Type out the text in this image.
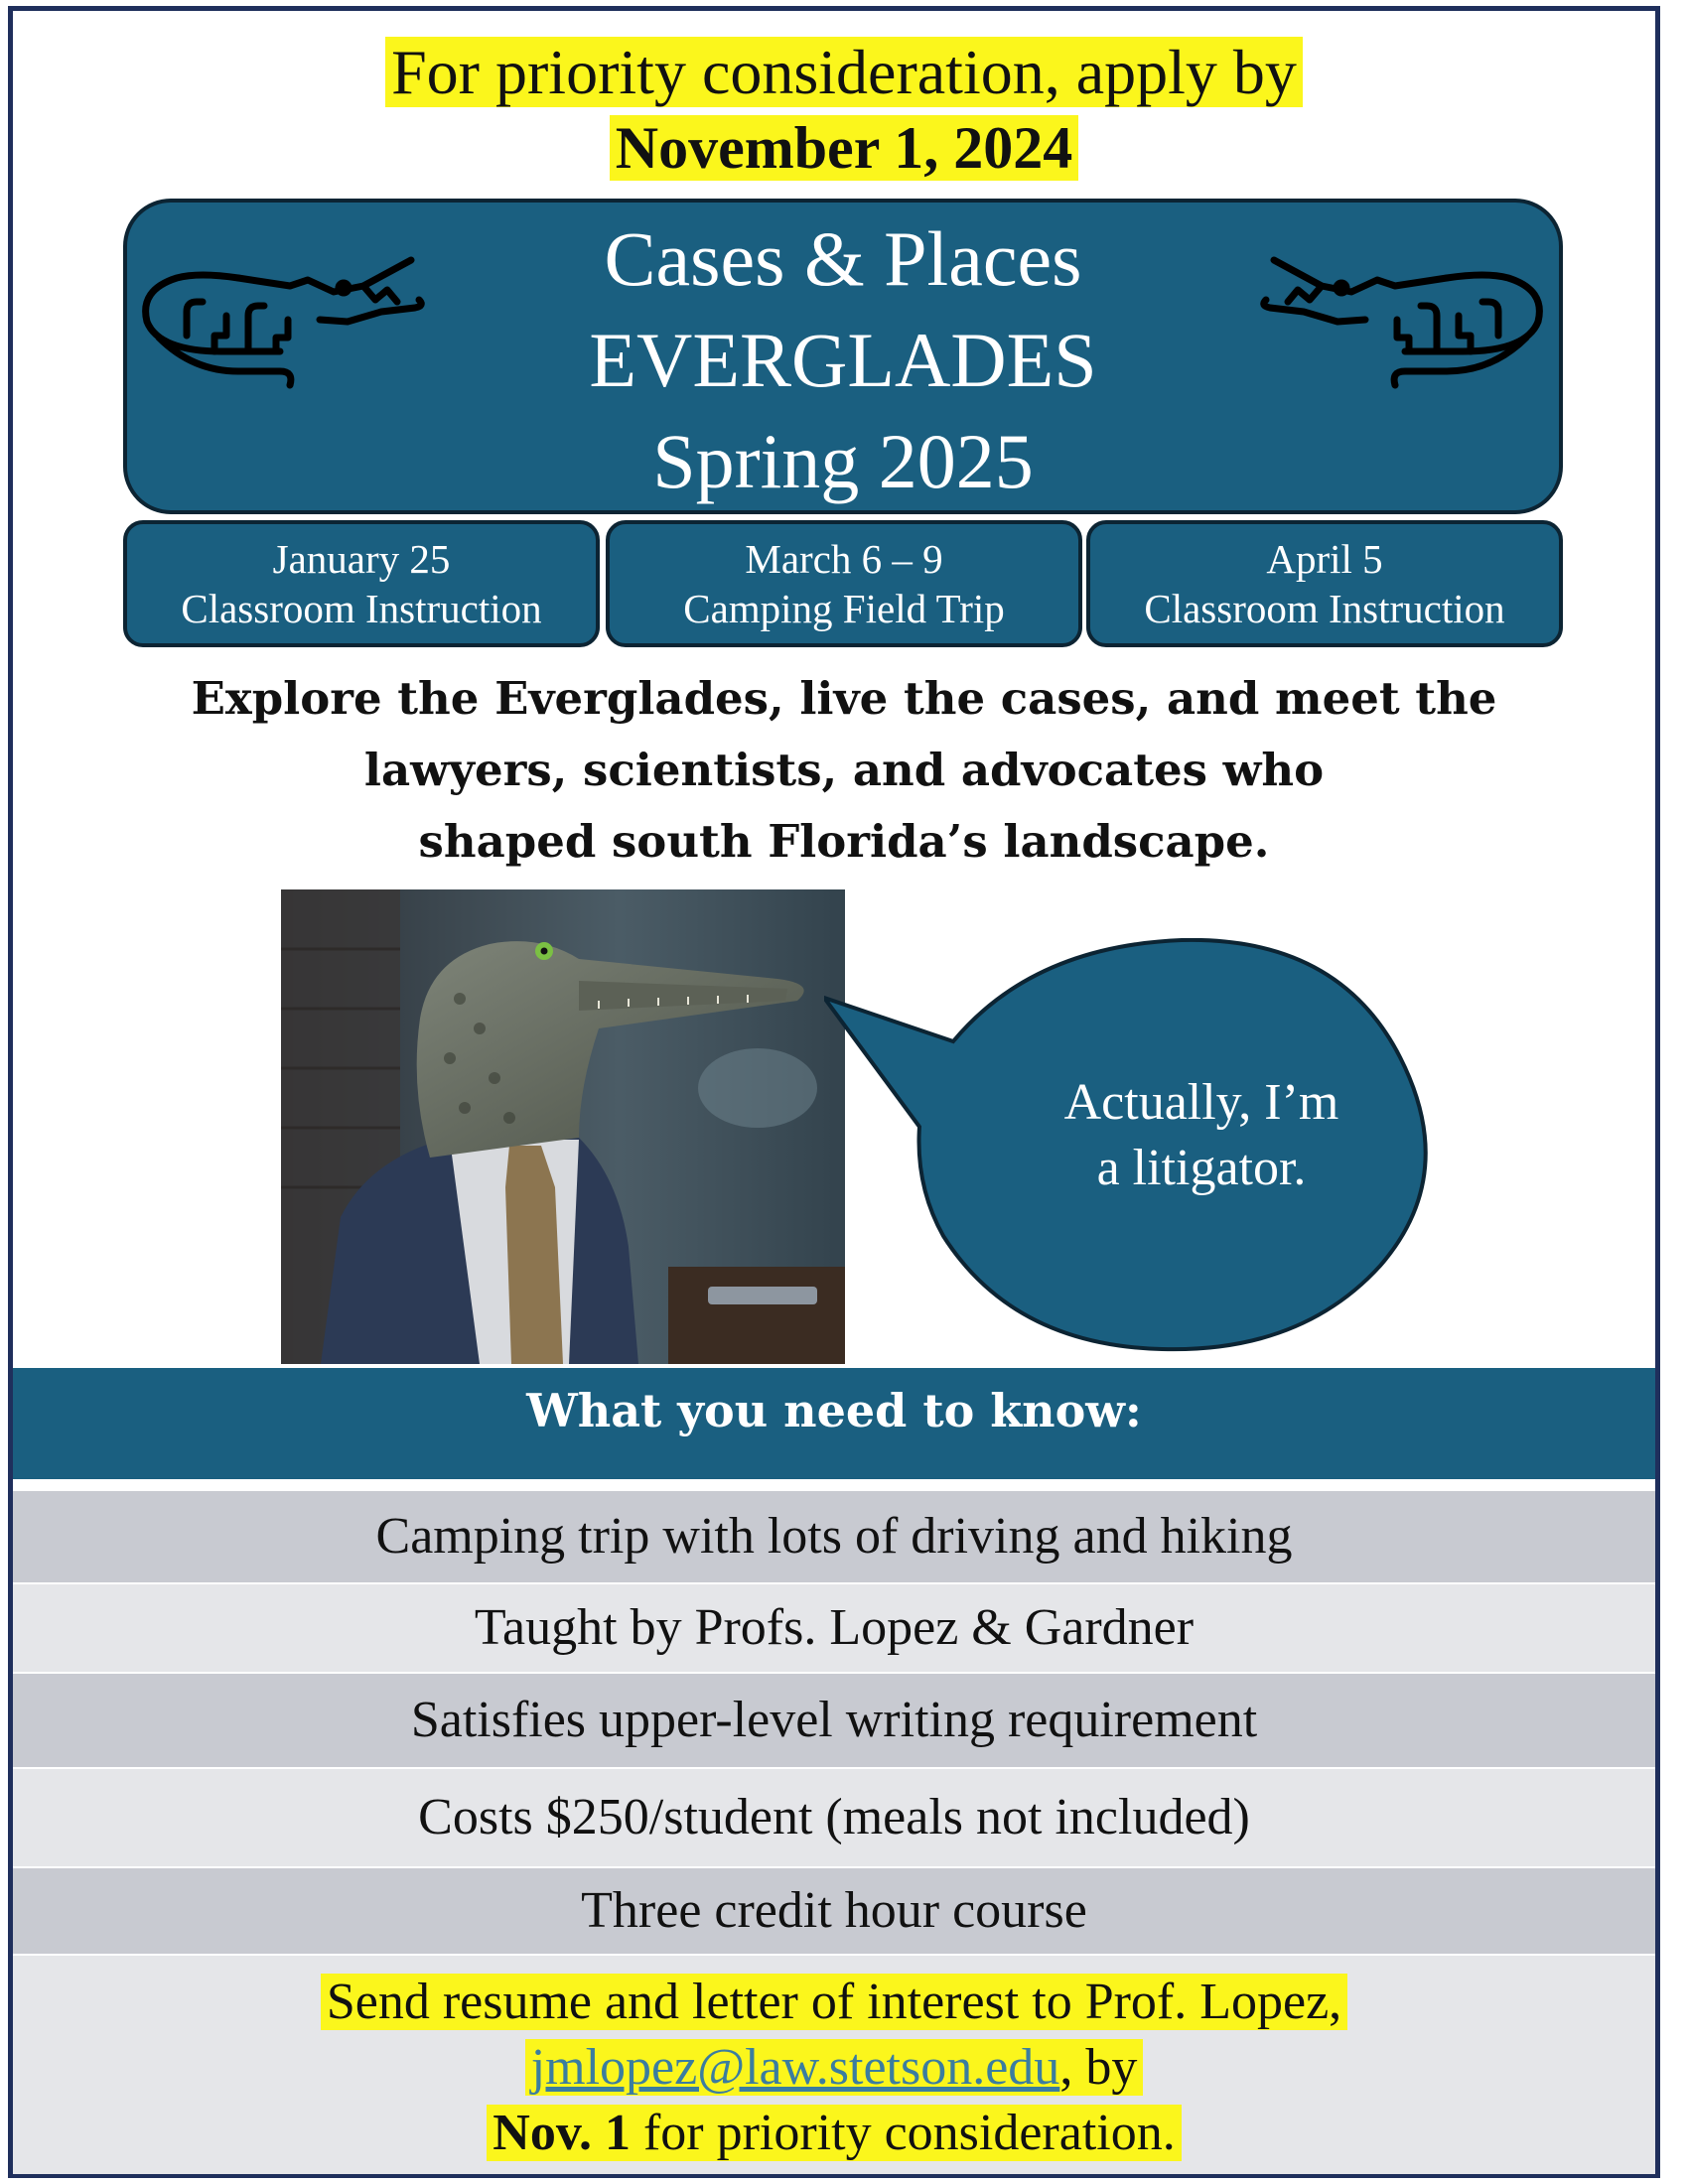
For priority consideration, apply by
November 1, 2024
Cases & Places
EVERGLADES
Spring 2025
January 25
Classroom Instruction
March 6 – 9
Camping Field Trip
April 5
Classroom Instruction
Explore the Everglades, live the cases, and meet the
lawyers, scientists, and advocates who
shaped south Florida’s landscape.
Actually, I’m
a litigator.
What you need to know:
Camping trip with lots of driving and hiking
Taught by Profs. Lopez & Gardner
Satisfies upper-level writing requirement
Costs $250/student (meals not included)
Three credit hour course
Send resume and letter of interest to Prof. Lopez,
jmlopez@law.stetson.edu, by
Nov. 1 for priority consideration.
